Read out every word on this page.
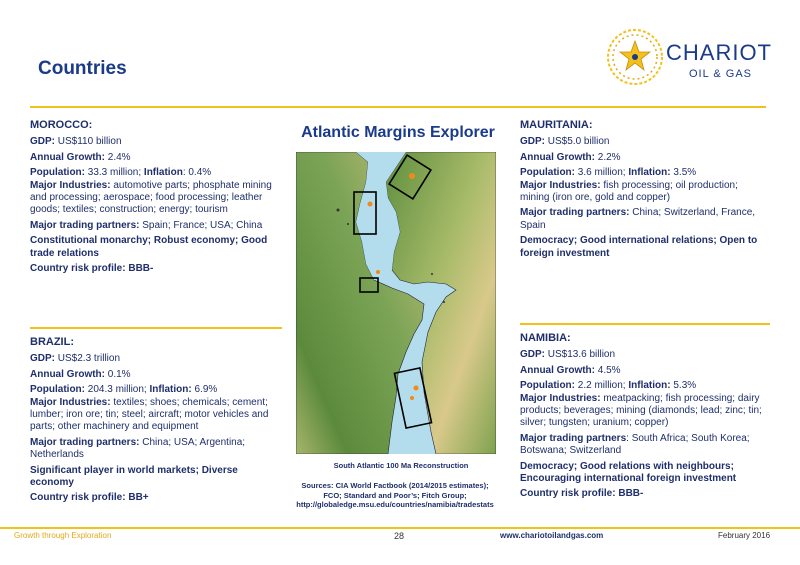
Countries
CHARIOT
OIL & GAS
MOROCCO:

GDP: US$110 billion

Annual Growth: 2.4%

Population: 33.3 million; Inflation: 0.4%

Major Industries: automotive parts; phosphate mining and processing; aerospace; food processing; leather goods; textiles; construction; energy; tourism

Major trading partners: Spain; France; USA; China

Constitutional monarchy; Robust economy; Good trade relations

Country risk profile: BBB-

BRAZIL:

GDP: US$2.3 trillion

Annual Growth: 0.1%

Population: 204.3 million; Inflation: 6.9%

Major Industries: textiles; shoes; chemicals; cement; lumber; iron ore; tin; steel; aircraft; motor vehicles and parts; other machinery and equipment

Major trading partners: China; USA; Argentina; Netherlands

Significant player in world markets; Diverse economy

Country risk profile: BB+

MAURITANIA:

GDP: US$5.0 billion

Annual Growth: 2.2%

Population: 3.6 million; Inflation: 3.5%

Major Industries: fish processing; oil production; mining (iron ore, gold and copper)

Major trading partners: China; Switzerland, France, Spain

Democracy; Good international relations; Open to foreign investment

NAMIBIA:

GDP: US$13.6 billion

Annual Growth: 4.5%

Population: 2.2 million; Inflation: 5.3%

Major Industries: meatpacking; fish processing; dairy products; beverages; mining (diamonds; lead; zinc; tin; silver; tungsten; uranium; copper)

Major trading partners: South Africa; South Korea; Botswana; Switzerland

Democracy; Good relations with neighbours; Encouraging international foreign investment

Country risk profile: BBB-

Atlantic Margins Explorer
South Atlantic 100 Ma Reconstruction
Sources: CIA World Factbook (2014/2015 estimates);
FCO; Standard and Poor’s; Fitch Group;
http://globaledge.msu.edu/countries/namibia/tradestats
Growth through Exploration	28	www.chariotoilandgas.com	February 2016
